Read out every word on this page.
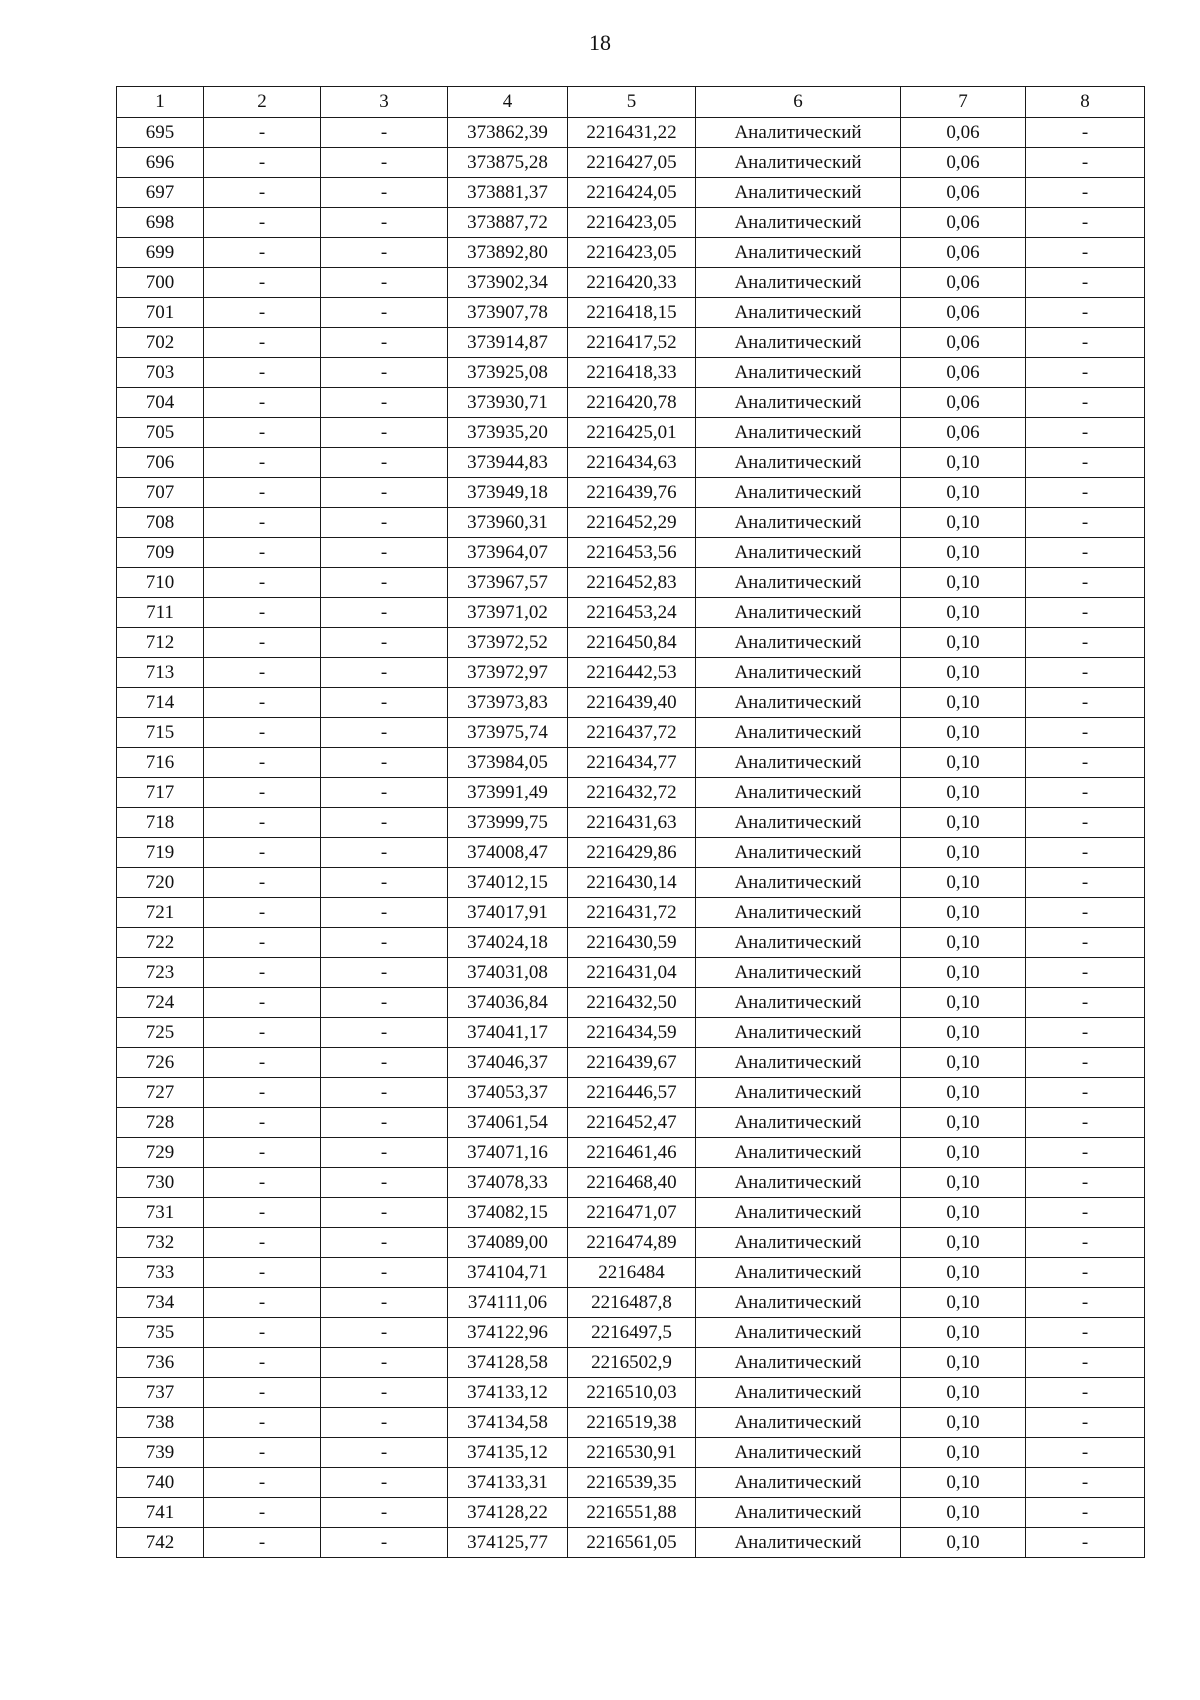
18
1	2	3	4	5	6	7	8
695	-	-	373862,39	2216431,22	Аналитический	0,06	-
696	-	-	373875,28	2216427,05	Аналитический	0,06	-
697	-	-	373881,37	2216424,05	Аналитический	0,06	-
698	-	-	373887,72	2216423,05	Аналитический	0,06	-
699	-	-	373892,80	2216423,05	Аналитический	0,06	-
700	-	-	373902,34	2216420,33	Аналитический	0,06	-
701	-	-	373907,78	2216418,15	Аналитический	0,06	-
702	-	-	373914,87	2216417,52	Аналитический	0,06	-
703	-	-	373925,08	2216418,33	Аналитический	0,06	-
704	-	-	373930,71	2216420,78	Аналитический	0,06	-
705	-	-	373935,20	2216425,01	Аналитический	0,06	-
706	-	-	373944,83	2216434,63	Аналитический	0,10	-
707	-	-	373949,18	2216439,76	Аналитический	0,10	-
708	-	-	373960,31	2216452,29	Аналитический	0,10	-
709	-	-	373964,07	2216453,56	Аналитический	0,10	-
710	-	-	373967,57	2216452,83	Аналитический	0,10	-
711	-	-	373971,02	2216453,24	Аналитический	0,10	-
712	-	-	373972,52	2216450,84	Аналитический	0,10	-
713	-	-	373972,97	2216442,53	Аналитический	0,10	-
714	-	-	373973,83	2216439,40	Аналитический	0,10	-
715	-	-	373975,74	2216437,72	Аналитический	0,10	-
716	-	-	373984,05	2216434,77	Аналитический	0,10	-
717	-	-	373991,49	2216432,72	Аналитический	0,10	-
718	-	-	373999,75	2216431,63	Аналитический	0,10	-
719	-	-	374008,47	2216429,86	Аналитический	0,10	-
720	-	-	374012,15	2216430,14	Аналитический	0,10	-
721	-	-	374017,91	2216431,72	Аналитический	0,10	-
722	-	-	374024,18	2216430,59	Аналитический	0,10	-
723	-	-	374031,08	2216431,04	Аналитический	0,10	-
724	-	-	374036,84	2216432,50	Аналитический	0,10	-
725	-	-	374041,17	2216434,59	Аналитический	0,10	-
726	-	-	374046,37	2216439,67	Аналитический	0,10	-
727	-	-	374053,37	2216446,57	Аналитический	0,10	-
728	-	-	374061,54	2216452,47	Аналитический	0,10	-
729	-	-	374071,16	2216461,46	Аналитический	0,10	-
730	-	-	374078,33	2216468,40	Аналитический	0,10	-
731	-	-	374082,15	2216471,07	Аналитический	0,10	-
732	-	-	374089,00	2216474,89	Аналитический	0,10	-
733	-	-	374104,71	2216484	Аналитический	0,10	-
734	-	-	374111,06	2216487,8	Аналитический	0,10	-
735	-	-	374122,96	2216497,5	Аналитический	0,10	-
736	-	-	374128,58	2216502,9	Аналитический	0,10	-
737	-	-	374133,12	2216510,03	Аналитический	0,10	-
738	-	-	374134,58	2216519,38	Аналитический	0,10	-
739	-	-	374135,12	2216530,91	Аналитический	0,10	-
740	-	-	374133,31	2216539,35	Аналитический	0,10	-
741	-	-	374128,22	2216551,88	Аналитический	0,10	-
742	-	-	374125,77	2216561,05	Аналитический	0,10	-
